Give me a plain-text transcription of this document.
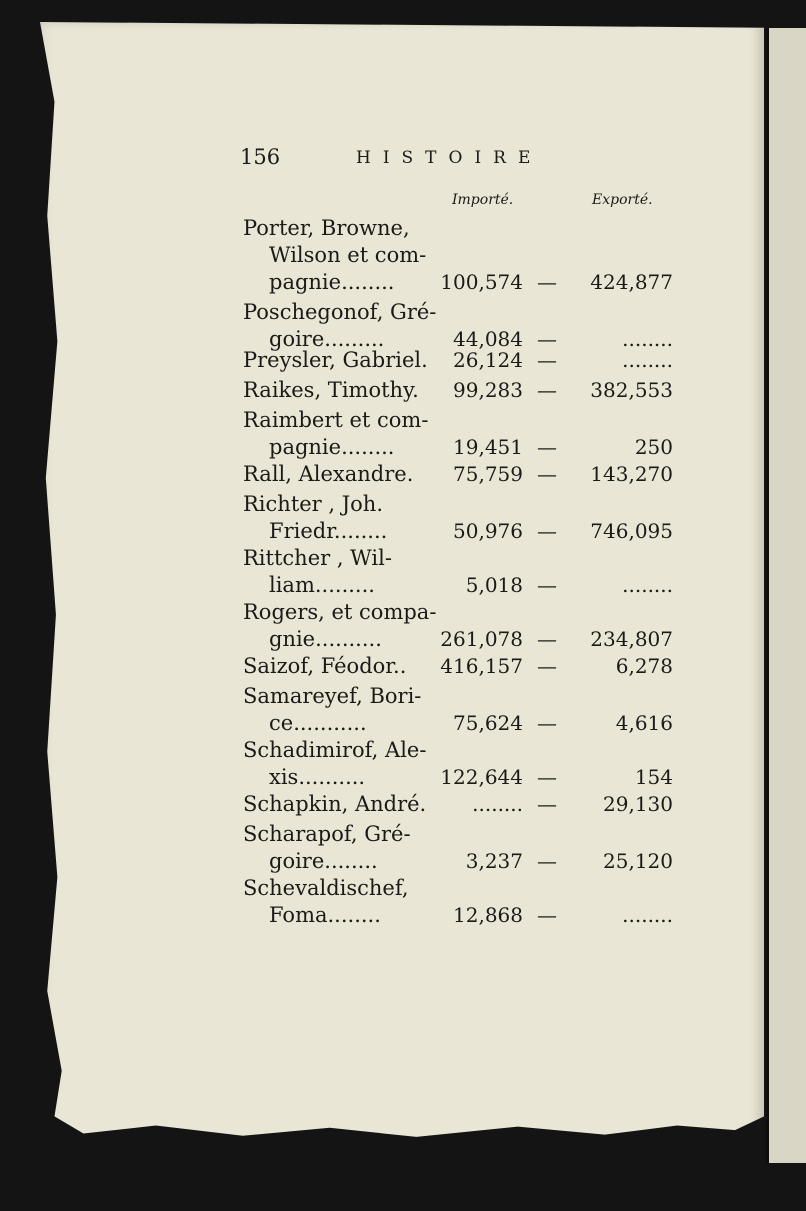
156	HISTOIRE
Importé.	Exporté.
Porter, Browne,
Wilson et com-
pagnie........ 100,574 — 424,877
Poschegonof, Gré-
goire.........	44,084 —	........
Preysler, Gabriel. 26,124 —	........
Raikes, Timothy. 99,283 — 382,553
Raimbert et com-
pagnie........	19,451 —	250
Rall, Alexandre. 75,759 — 143,270
Richter , Joh.
Friedr........	50,976 — 746,095
Rittcher , Wil-
liam.........	5,018 —	........
Rogers, et compa-
gnie..........	261,078 — 234,807
Saizof, Féodor.. 416,157 —	6,278
Samareyef, Bori-
ce...........	75,624 —	4,616
Schadimirof, Ale-
xis..........	122,644 —	154
Schapkin, André. ........ — 29,130
Scharapof, Gré-
goire........	3,237 — 25,120
Schevaldischef,
Foma........	12,868 —	........
